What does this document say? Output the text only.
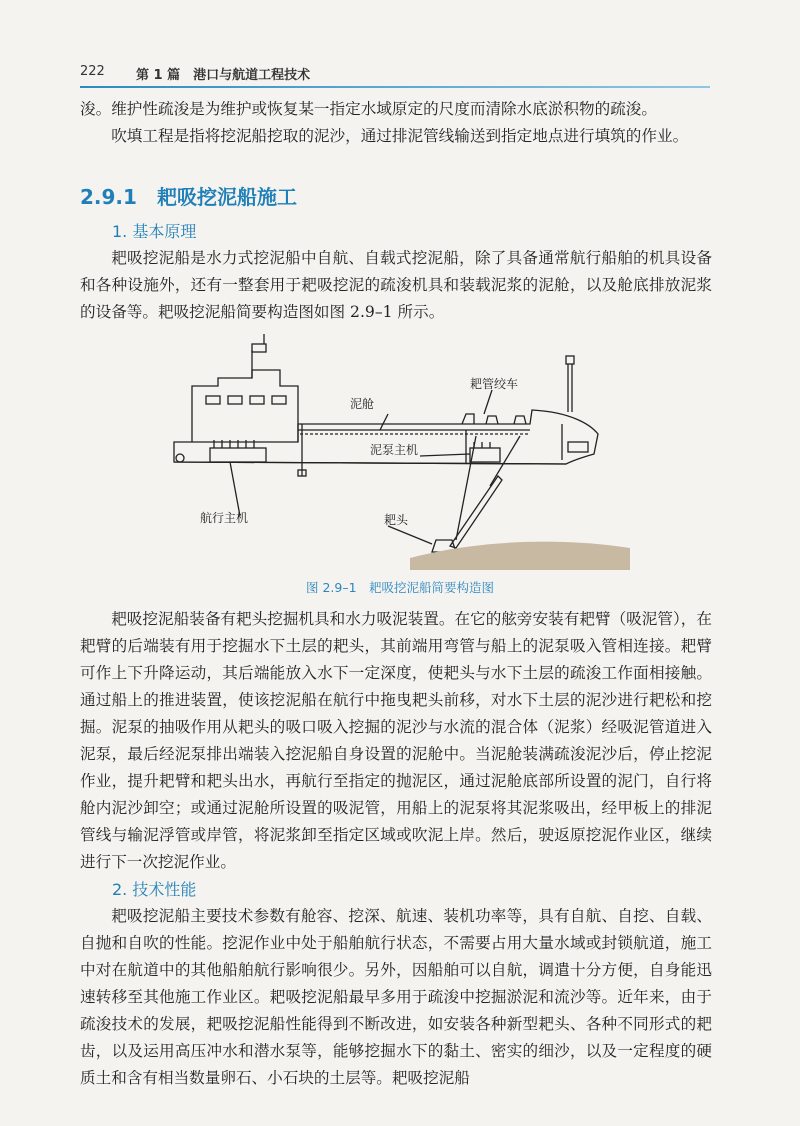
222 第 1 篇　港口与航道工程技术

浚。维护性疏浚是为维护或恢复某一指定水域原定的尺度而清除水底淤积物的疏浚。

吹填工程是指将挖泥船挖取的泥沙，通过排泥管线输送到指定地点进行填筑的作业。

2.9.1　耙吸挖泥船施工

1. 基本原理

耙吸挖泥船是水力式挖泥船中自航、自载式挖泥船，除了具备通常航行船舶的机具设备和各种设施外，还有一整套用于耙吸挖泥的疏浚机具和装载泥浆的泥舱，以及舱底排放泥浆的设备等。耙吸挖泥船简要构造图如图 2.9–1 所示。

泥舱
泥泵主机
耙管绞车
航行主机	耙头
图 2.9–1　耙吸挖泥船简要构造图

耙吸挖泥船装备有耙头挖掘机具和水力吸泥装置。在它的舷旁安装有耙臂（吸泥管），在耙臂的后端装有用于挖掘水下土层的耙头，其前端用弯管与船上的泥泵吸入管相连接。耙臂可作上下升降运动，其后端能放入水下一定深度，使耙头与水下土层的疏浚工作面相接触。通过船上的推进装置，使该挖泥船在航行中拖曳耙头前移，对水下土层的泥沙进行耙松和挖掘。泥泵的抽吸作用从耙头的吸口吸入挖掘的泥沙与水流的混合体（泥浆）经吸泥管道进入泥泵，最后经泥泵排出端装入挖泥船自身设置的泥舱中。当泥舱装满疏浚泥沙后，停止挖泥作业，提升耙臂和耙头出水，再航行至指定的抛泥区，通过泥舱底部所设置的泥门，自行将舱内泥沙卸空；或通过泥舱所设置的吸泥管，用船上的泥泵将其泥浆吸出，经甲板上的排泥管线与输泥浮管或岸管，将泥浆卸至指定区域或吹泥上岸。然后，驶返原挖泥作业区，继续进行下一次挖泥作业。

2. 技术性能

耙吸挖泥船主要技术参数有舱容、挖深、航速、装机功率等，具有自航、自挖、自载、自抛和自吹的性能。挖泥作业中处于船舶航行状态，不需要占用大量水域或封锁航道，施工中对在航道中的其他船舶航行影响很少。另外，因船舶可以自航，调遣十分方便，自身能迅速转移至其他施工作业区。耙吸挖泥船最早多用于疏浚中挖掘淤泥和流沙等。近年来，由于疏浚技术的发展，耙吸挖泥船性能得到不断改进，如安装各种新型耙头、各种不同形式的耙齿，以及运用高压冲水和潜水泵等，能够挖掘水下的黏土、密实的细沙，以及一定程度的硬质土和含有相当数量卵石、小石块的土层等。耙吸挖泥船
